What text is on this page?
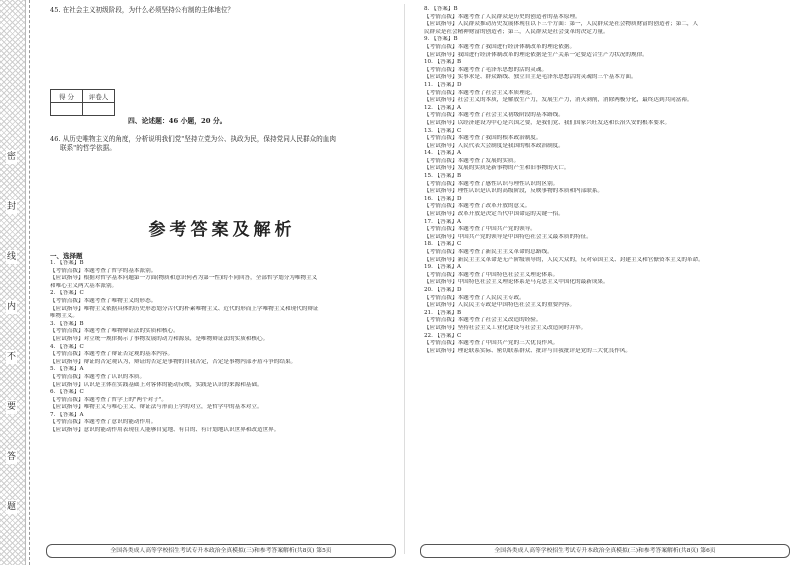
密
封
线
内
不
要
答
题
45. 在社会主义初级阶段，为什么必须坚持公有制的主体地位？
得 分	评卷人

四、论述题：46 小题，20 分。
46. 从历史唯物主义的角度，分析说明我们党"坚持立党为公、执政为民，保持党同人民群众的血肉
联系"的哲学依据。
参考答案及解析
一、选择题
1. 【答案】B
【考情点拨】本题考查了哲学的基本派别。
【应试指导】根据对哲学基本问题第一方面(物质和意识何者为第一性)的不同回答，全部哲学划分为唯物主义
和唯心主义两大基本派别。
2. 【答案】C
【考情点拨】本题考查了唯物主义的形态。
【应试指导】唯物主义依据具体的历史形态划分古代的朴素唯物主义、近代的形而上学唯物主义和现代的辩证
唯物主义。
3. 【答案】B
【考情点拨】本题考查了唯物辩证法的实质和核心。
【应试指导】对立统一规律揭示了事物发展的动力和源泉，是唯物辩证法的实质和核心。
4. 【答案】C
【考情点拨】本题考查了辩证否定观的基本内容。
【应试指导】辩证的否定观认为，辩证的否定是事物的自我否定，否定是事物内部矛盾斗争的结果。
5. 【答案】A
【考情点拨】本题考查了认识的本质。
【应试指导】认识是主体在实践基础上对客体的能动反映，实践是认识的来源和基础。
6. 【答案】C
【考情点拨】本题考查了哲学上的"两个对子"。
【应试指导】唯物主义与唯心主义、辩证法与形而上学的对立，是哲学中的基本对立。
7. 【答案】A
【考情点拨】本题考查了意识的能动作用。
【应试指导】意识的能动作用表现在人能够自觉地、有目的、有计划地认识世界和改造世界。
8. 【答案】B
【考情点拨】本题考查了人民群众是历史的创造者的基本原理。
【应试指导】人民群众推动历史发展体现在以下三个方面：第一，人民群众是社会物质财富的创造者；第二，人
民群众是社会精神财富的创造者；第三，人民群众是社会变革的决定力量。
9. 【答案】B
【考情点拨】本题考查了我国进行经济体制改革的理论依据。
【应试指导】我国进行经济体制改革的理论依据是生产关系一定要适合生产力状况的规律。
10. 【答案】B
【考情点拨】本题考查了毛泽东思想的活的灵魂。
【应试指导】实事求是、群众路线、独立自主是毛泽东思想活的灵魂的三个基本方面。
11. 【答案】D
【考情点拨】本题考查了社会主义本质理论。
【应试指导】社会主义的本质，是解放生产力，发展生产力，消灭剥削，消除两极分化，最终达到共同富裕。
12. 【答案】A
【考情点拨】本题考查了社会主义初级阶段的基本路线。
【应试指导】以经济建设为中心是兴国之要，是我们党、我们国家兴旺发达和长治久安的根本要求。
13. 【答案】C
【考情点拨】本题考查了我国的根本政治制度。
【应试指导】人民代表大会制度是我国的根本政治制度。
14. 【答案】A
【考情点拨】本题考查了发展的实质。
【应试指导】发展的实质是新事物的产生和旧事物的灭亡。
15. 【答案】B
【考情点拨】本题考查了感性认识与理性认识的区别。
【应试指导】理性认识是认识的高级阶段，反映事物的本质和内部联系。
16. 【答案】D
【考情点拨】本题考查了改革开放的意义。
【应试指导】改革开放是决定当代中国命运的关键一招。
17. 【答案】A
【考情点拨】本题考查了中国共产党的领导。
【应试指导】中国共产党的领导是中国特色社会主义最本质的特征。
18. 【答案】C
【考情点拨】本题考查了新民主主义革命的总路线。
【应试指导】新民主主义革命是无产阶级领导的，人民大众的，反对帝国主义、封建主义和官僚资本主义的革命。
19. 【答案】A
【考情点拨】本题考查了中国特色社会主义理论体系。
【应试指导】中国特色社会主义理论体系是马克思主义中国化的最新成果。
20. 【答案】D
【考情点拨】本题考查了人民民主专政。
【应试指导】人民民主专政是中国特色社会主义的重要内容。
21. 【答案】B
【考情点拨】本题考查了社会主义改造的经验。
【应试指导】坚持社会主义工业化建设与社会主义改造同时并举。
22. 【答案】C
【考情点拨】本题考查了中国共产党的三大优良作风。
【应试指导】理论联系实际、密切联系群众、批评与自我批评是党的三大优良作风。
全国各类成人高等学校招生考试专升本政治全真模拟(三)和参考答案解析(共8页) 第5页	全国各类成人高等学校招生考试专升本政治全真模拟(三)和参考答案解析(共8页) 第6页
